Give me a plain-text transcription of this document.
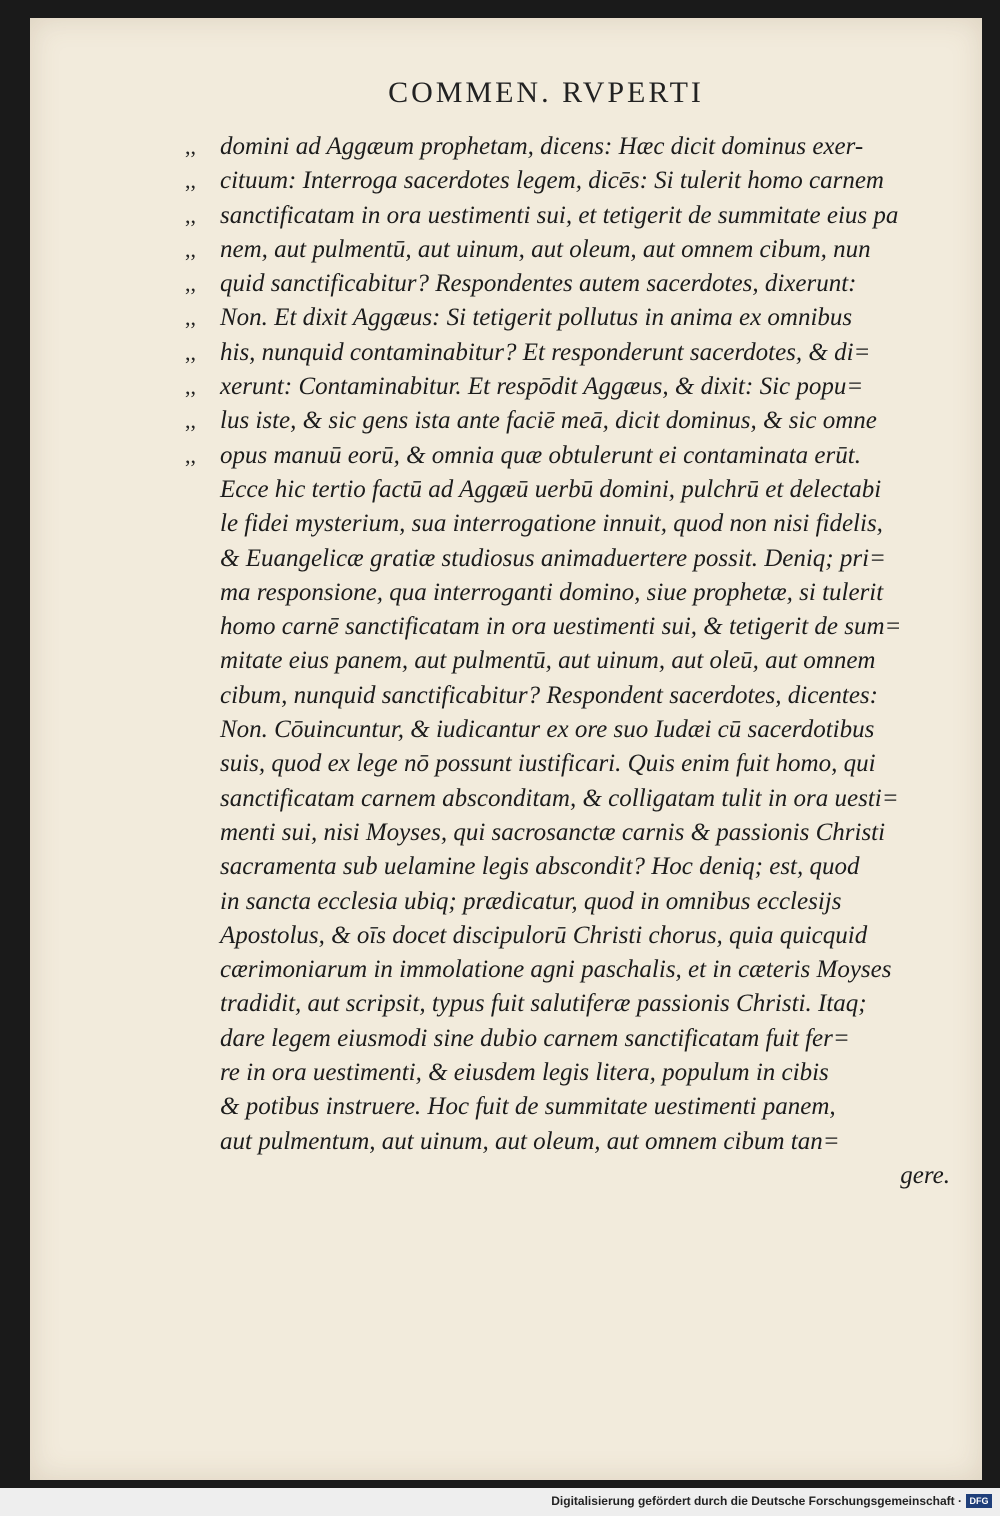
COMMEN. RVPERTI
,, domini ad Aggæum prophetam, dicens: Hæc dicit dominus exer-
,, cituum: Interroga sacerdotes legem, dicēs: Si tulerit homo carnem
,, sanctificatam in ora uestimenti sui, et tetigerit de summitate eius pa
,, nem, aut pulmentū, aut uinum, aut oleum, aut omnem cibum, nun
,, quid sanctificabitur? Respondentes autem sacerdotes, dixerunt:
,, Non. Et dixit Aggæus: Si tetigerit pollutus in anima ex omnibus
,, his, nunquid contaminabitur? Et responderunt sacerdotes, & di=
,, xerunt: Contaminabitur. Et respōdit Aggæus, & dixit: Sic popu=
,, lus iste, & sic gens ista ante faciē meā, dicit dominus, & sic omne
,, opus manuū eorū, & omnia quæ obtulerunt ei contaminata erūt.
Ecce hic tertio factū ad Aggæū uerbū domini, pulchrū et delectabi
le fidei mysterium, sua interrogatione innuit, quod non nisi fidelis,
& Euangelicæ gratiæ studiosus animaduertere possit. Deniq; pri=
ma responsione, qua interroganti domino, siue prophetæ, si tulerit
homo carnē sanctificatam in ora uestimenti sui, & tetigerit de sum=
mitate eius panem, aut pulmentū, aut uinum, aut oleū, aut omnem
cibum, nunquid sanctificabitur? Respondent sacerdotes, dicentes:
Non. Cōuincuntur, & iudicantur ex ore suo Iudæi cū sacerdotibus
suis, quod ex lege nō possunt iustificari. Quis enim fuit homo, qui
sanctificatam carnem absconditam, & colligatam tulit in ora uesti=
menti sui, nisi Moyses, qui sacrosanctæ carnis & passionis Christi
sacramenta sub uelamine legis abscondit? Hoc deniq; est, quod
in sancta ecclesia ubiq; prædicatur, quod in omnibus ecclesijs
Apostolus, & oīs docet discipulorū Christi chorus, quia quicquid
cærimoniarum in immolatione agni paschalis, et in cæteris Moyses
tradidit, aut scripsit, typus fuit salutiferæ passionis Christi. Itaq;
dare legem eiusmodi sine dubio carnem sanctificatam fuit fer=
re in ora uestimenti, & eiusdem legis litera, populum in cibis
& potibus instruere. Hoc fuit de summitate uestimenti panem,
aut pulmentum, aut uinum, aut oleum, aut omnem cibum tan=
gere.
Digitalisierung gefördert durch die Deutsche Forschungsgemeinschaft · DFG
